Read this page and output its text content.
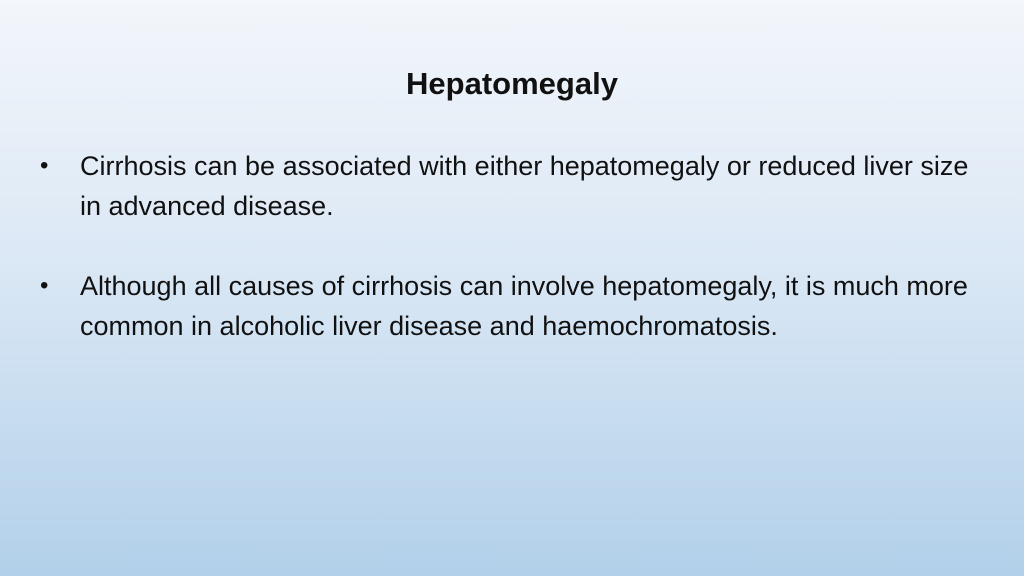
Hepatomegaly
• Cirrhosis can be associated with either hepatomegaly or reduced liver size in advanced disease.
• Although all causes of cirrhosis can involve hepatomegaly, it is much more common in alcoholic liver disease and haemochromatosis.
